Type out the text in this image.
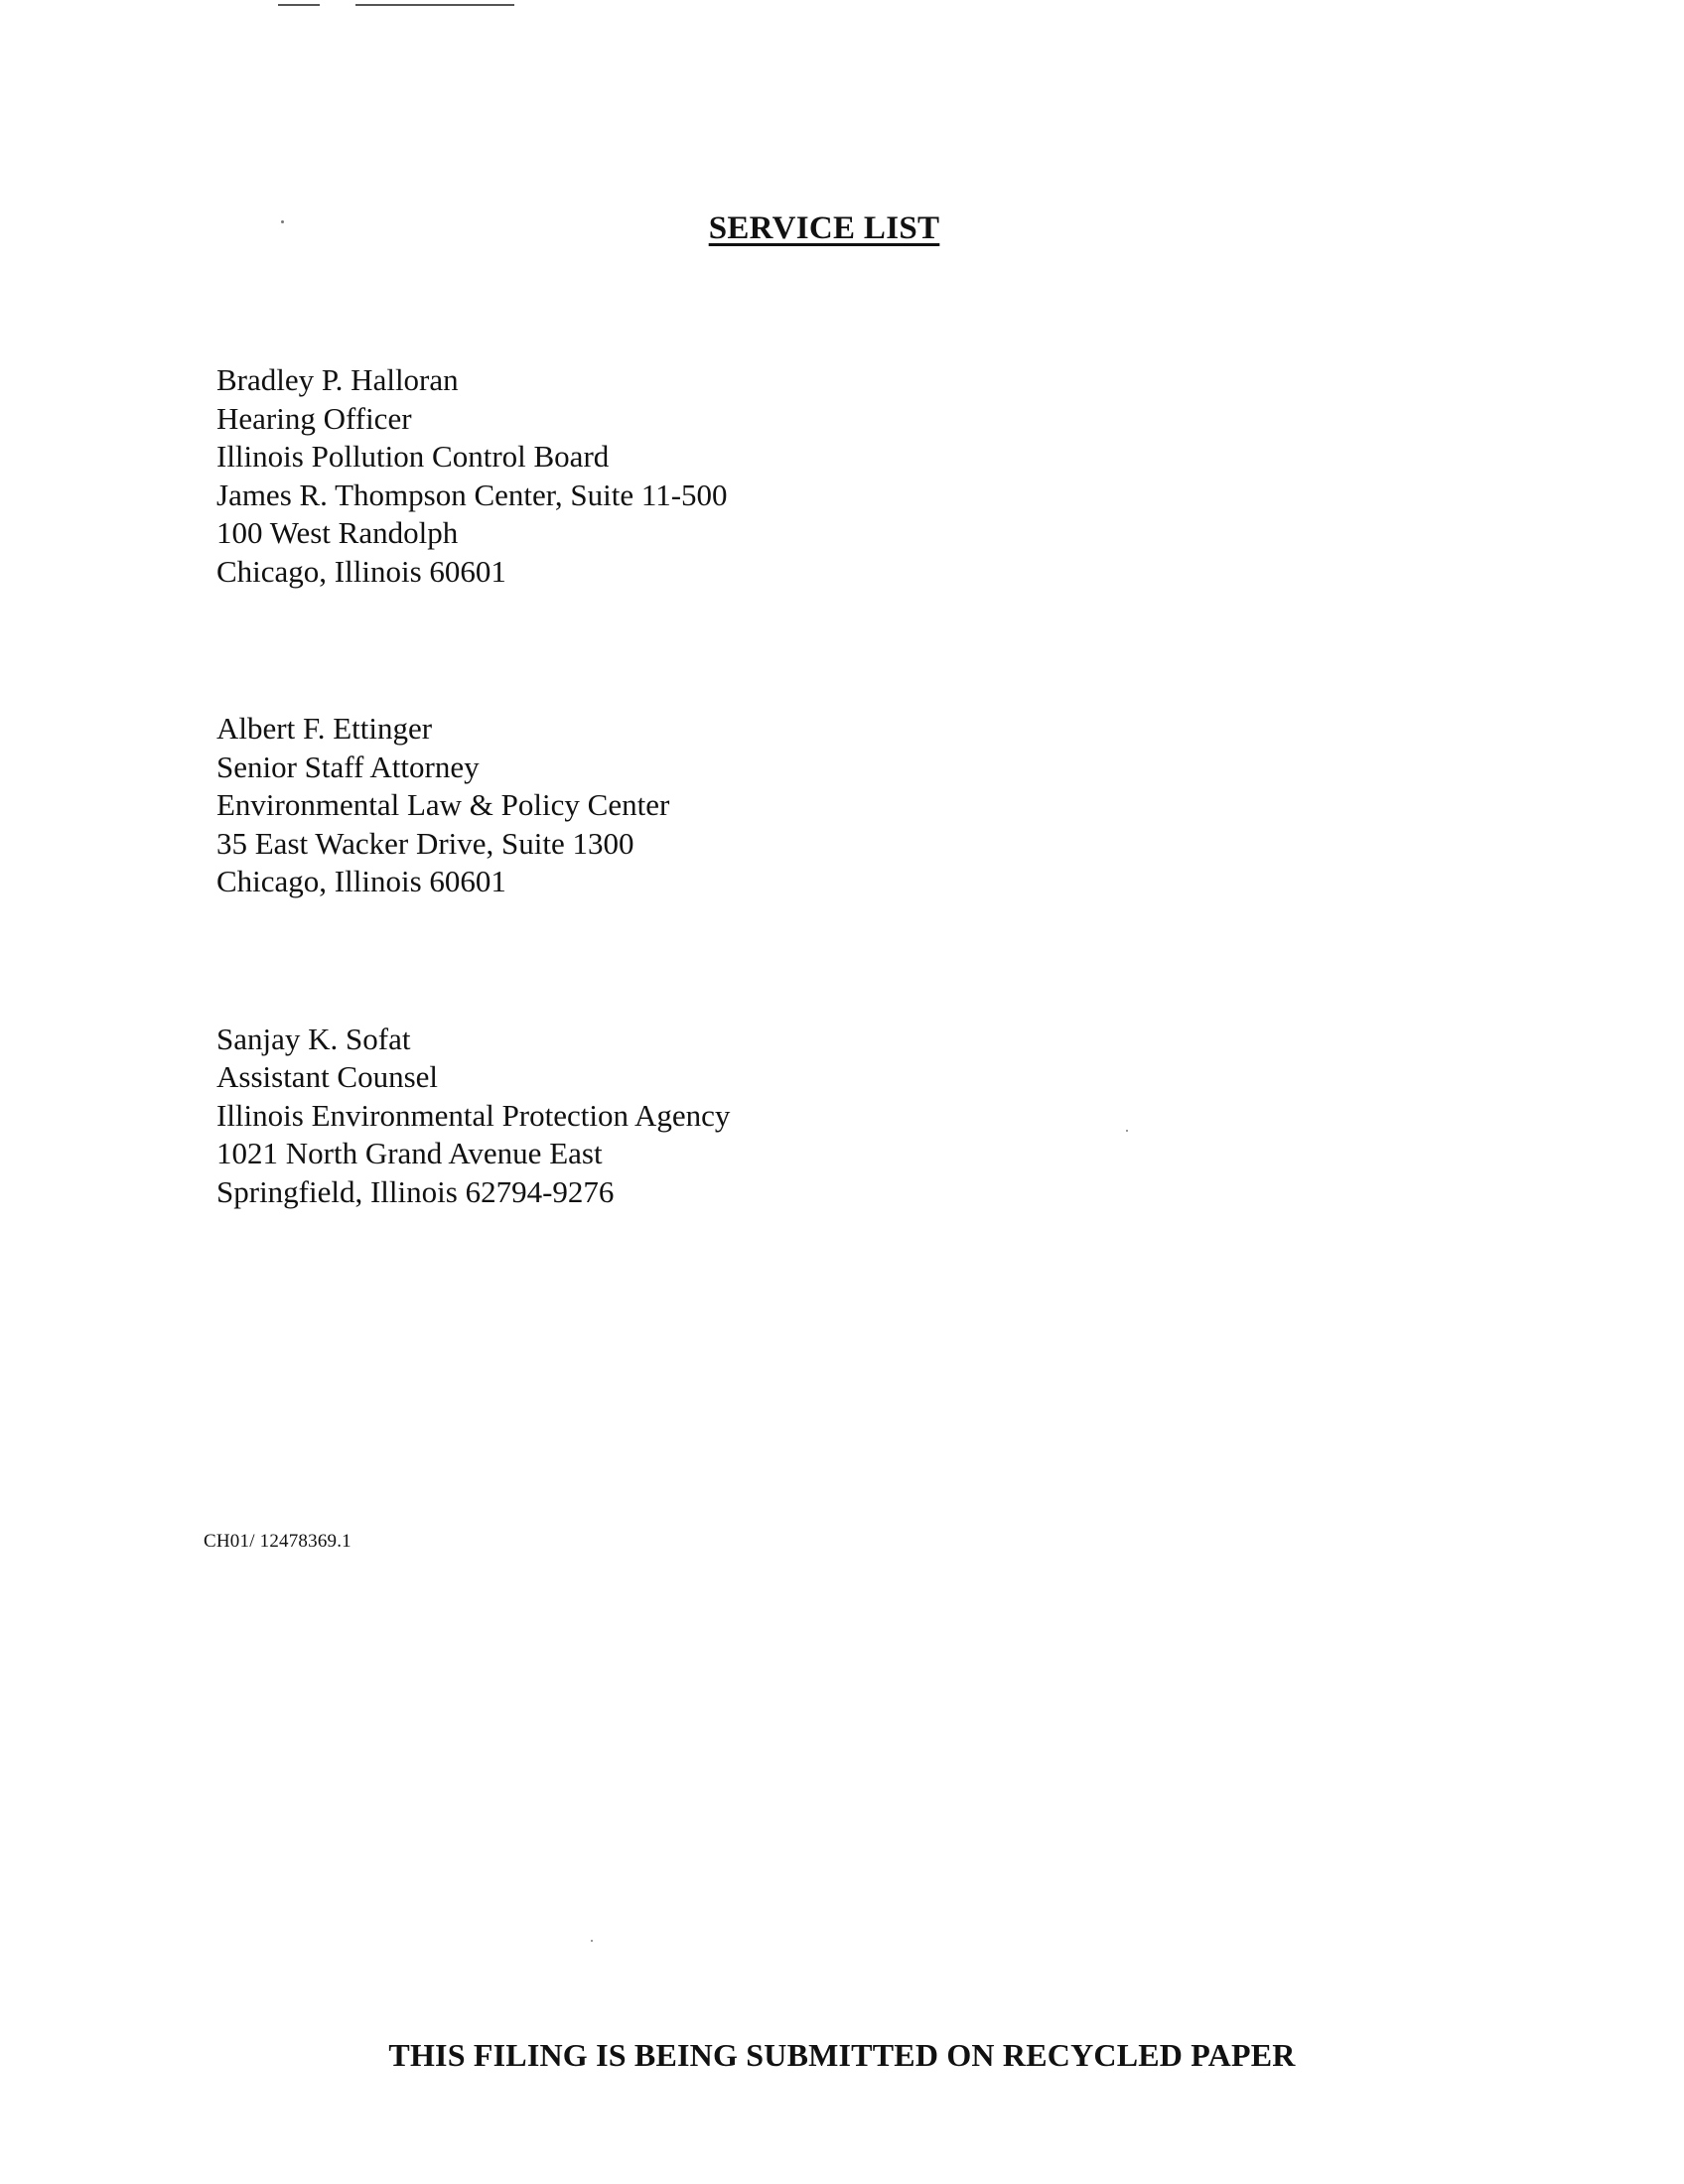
SERVICE LIST
Bradley P. Halloran
Hearing Officer
Illinois Pollution Control Board
James R. Thompson Center, Suite 11-500
100 West Randolph
Chicago, Illinois 60601
Albert F. Ettinger
Senior Staff Attorney
Environmental Law & Policy Center
35 East Wacker Drive, Suite 1300
Chicago, Illinois 60601
Sanjay K. Sofat
Assistant Counsel
Illinois Environmental Protection Agency
1021 North Grand Avenue East
Springfield, Illinois 62794-9276
CH01/ 12478369.1
THIS FILING IS BEING SUBMITTED ON RECYCLED PAPER
